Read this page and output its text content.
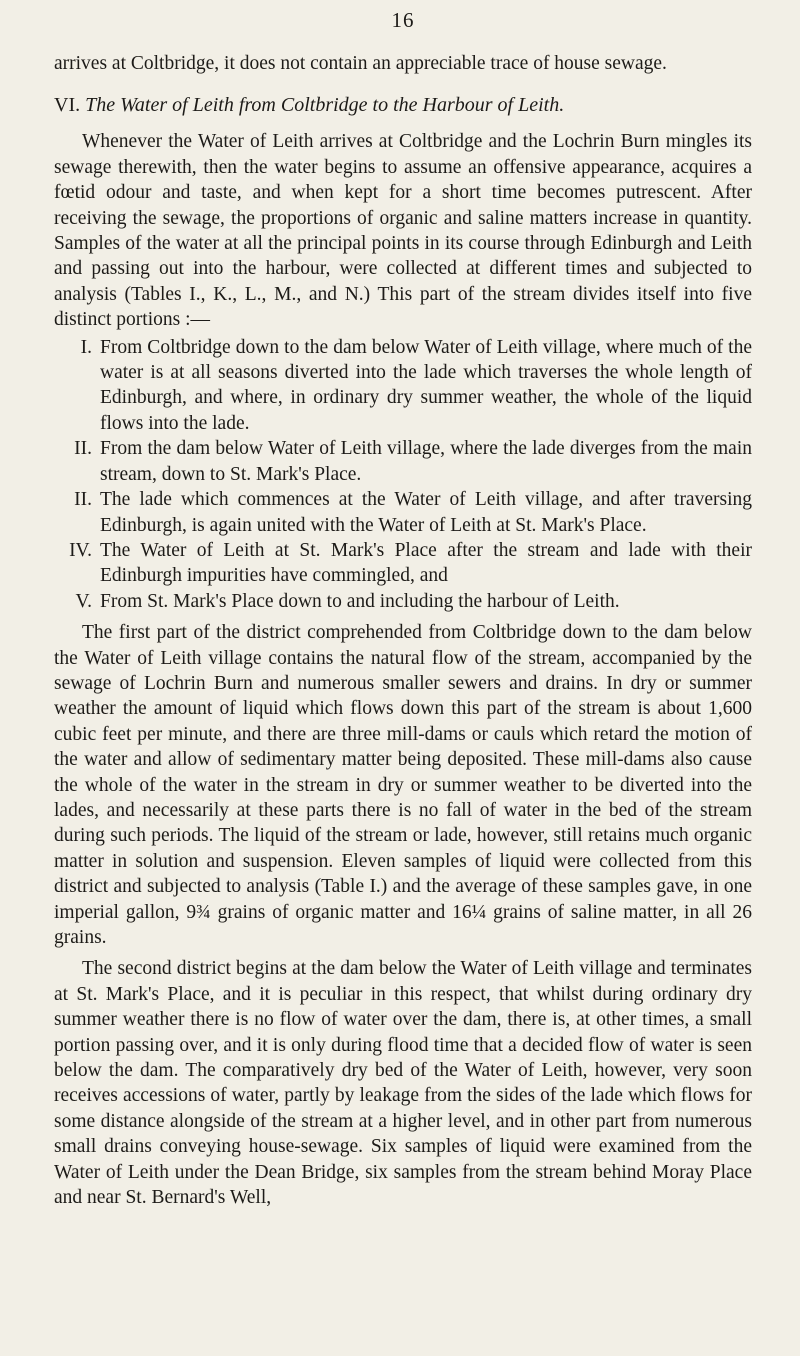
16

arrives at Coltbridge, it does not contain an appreciable trace of house sewage.

VI. The Water of Leith from Coltbridge to the Harbour of Leith.

Whenever the Water of Leith arrives at Coltbridge and the Lochrin Burn mingles its sewage therewith, then the water begins to assume an offensive appearance, acquires a fœtid odour and taste, and when kept for a short time becomes putrescent. After receiving the sewage, the proportions of organic and saline matters increase in quantity. Samples of the water at all the principal points in its course through Edinburgh and Leith and passing out into the harbour, were collected at different times and subjected to analysis (Tables I., K., L., M., and N.) This part of the stream divides itself into five distinct portions :—

I. From Coltbridge down to the dam below Water of Leith village, where much of the water is at all seasons diverted into the lade which traverses the whole length of Edinburgh, and where, in ordinary dry summer weather, the whole of the liquid flows into the lade.
II. From the dam below Water of Leith village, where the lade diverges from the main stream, down to St. Mark's Place.
II. The lade which commences at the Water of Leith village, and after traversing Edinburgh, is again united with the Water of Leith at St. Mark's Place.
IV. The Water of Leith at St. Mark's Place after the stream and lade with their Edinburgh impurities have commingled, and
V. From St. Mark's Place down to and including the harbour of Leith.

The first part of the district comprehended from Coltbridge down to the dam below the Water of Leith village contains the natural flow of the stream, accompanied by the sewage of Lochrin Burn and numerous smaller sewers and drains. In dry or summer weather the amount of liquid which flows down this part of the stream is about 1,600 cubic feet per minute, and there are three mill-dams or cauls which retard the motion of the water and allow of sedimentary matter being deposited. These mill-dams also cause the whole of the water in the stream in dry or summer weather to be diverted into the lades, and necessarily at these parts there is no fall of water in the bed of the stream during such periods. The liquid of the stream or lade, however, still retains much organic matter in solution and suspension. Eleven samples of liquid were collected from this district and subjected to analysis (Table I.) and the average of these samples gave, in one imperial gallon, 9¾ grains of organic matter and 16¼ grains of saline matter, in all 26 grains.

The second district begins at the dam below the Water of Leith village and terminates at St. Mark's Place, and it is peculiar in this respect, that whilst during ordinary dry summer weather there is no flow of water over the dam, there is, at other times, a small portion passing over, and it is only during flood time that a decided flow of water is seen below the dam. The comparatively dry bed of the Water of Leith, however, very soon receives accessions of water, partly by leakage from the sides of the lade which flows for some distance alongside of the stream at a higher level, and in other part from numerous small drains conveying house-sewage. Six samples of liquid were examined from the Water of Leith under the Dean Bridge, six samples from the stream behind Moray Place and near St. Bernard's Well,
